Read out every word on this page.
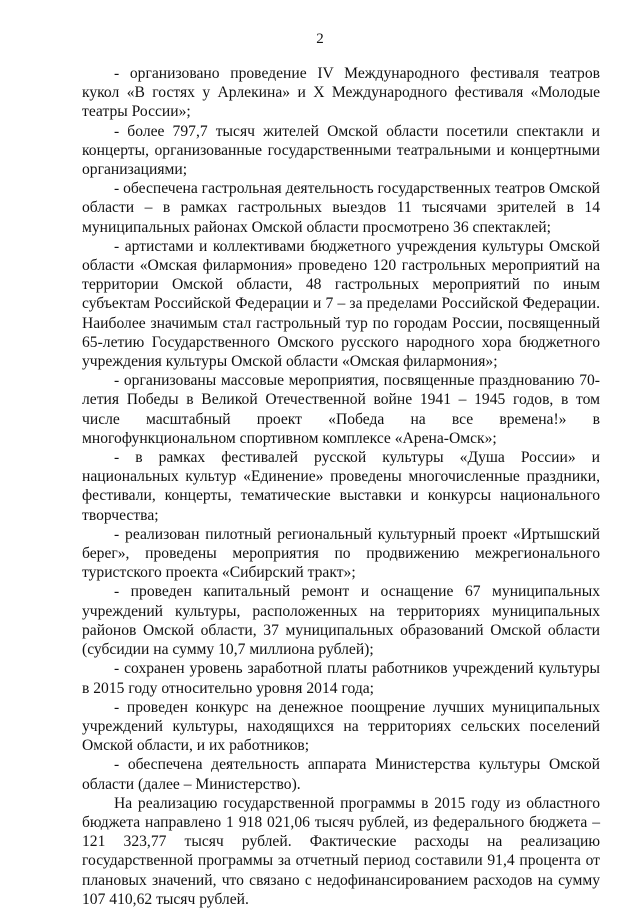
2

- организовано проведение IV Международного фестиваля театров кукол «В гостях у Арлекина» и X Международного фестиваля «Молодые театры России»;

- более 797,7 тысяч жителей Омской области посетили спектакли и концерты, организованные государственными театральными и концертными организациями;

- обеспечена гастрольная деятельность государственных театров Омской области – в рамках гастрольных выездов 11 тысячами зрителей в 14 муниципальных районах Омской области просмотрено 36 спектаклей;

- артистами и коллективами бюджетного учреждения культуры Омской области «Омская филармония» проведено 120 гастрольных мероприятий на территории Омской области, 48 гастрольных мероприятий по иным субъектам Российской Федерации и 7 – за пределами Российской Федерации. Наиболее значимым стал гастрольный тур по городам России, посвященный 65-летию Государственного Омского русского народного хора бюджетного учреждения культуры Омской области «Омская филармония»;

- организованы массовые мероприятия, посвященные празднованию 70-летия Победы в Великой Отечественной войне 1941 – 1945 годов, в том числе масштабный проект «Победа на все времена!» в многофункциональном спортивном комплексе «Арена-Омск»;

- в рамках фестивалей русской культуры «Душа России» и национальных культур «Единение» проведены многочисленные праздники, фестивали, концерты, тематические выставки и конкурсы национального творчества;

- реализован пилотный региональный культурный проект «Иртышский берег», проведены мероприятия по продвижению межрегионального туристского проекта «Сибирский тракт»;

- проведен капитальный ремонт и оснащение 67 муниципальных учреждений культуры, расположенных на территориях муниципальных районов Омской области, 37 муниципальных образований Омской области (субсидии на сумму 10,7 миллиона рублей);

- сохранен уровень заработной платы работников учреждений культуры в 2015 году относительно уровня 2014 года;

- проведен конкурс на денежное поощрение лучших муниципальных учреждений культуры, находящихся на территориях сельских поселений Омской области, и их работников;

- обеспечена деятельность аппарата Министерства культуры Омской области (далее – Министерство).

На реализацию государственной программы в 2015 году из областного бюджета направлено 1 918 021,06 тысяч рублей, из федерального бюджета – 121 323,77 тысяч рублей. Фактические расходы на реализацию государственной программы за отчетный период составили 91,4 процента от плановых значений, что связано с недофинансированием расходов на сумму 107 410,62 тысяч рублей.
